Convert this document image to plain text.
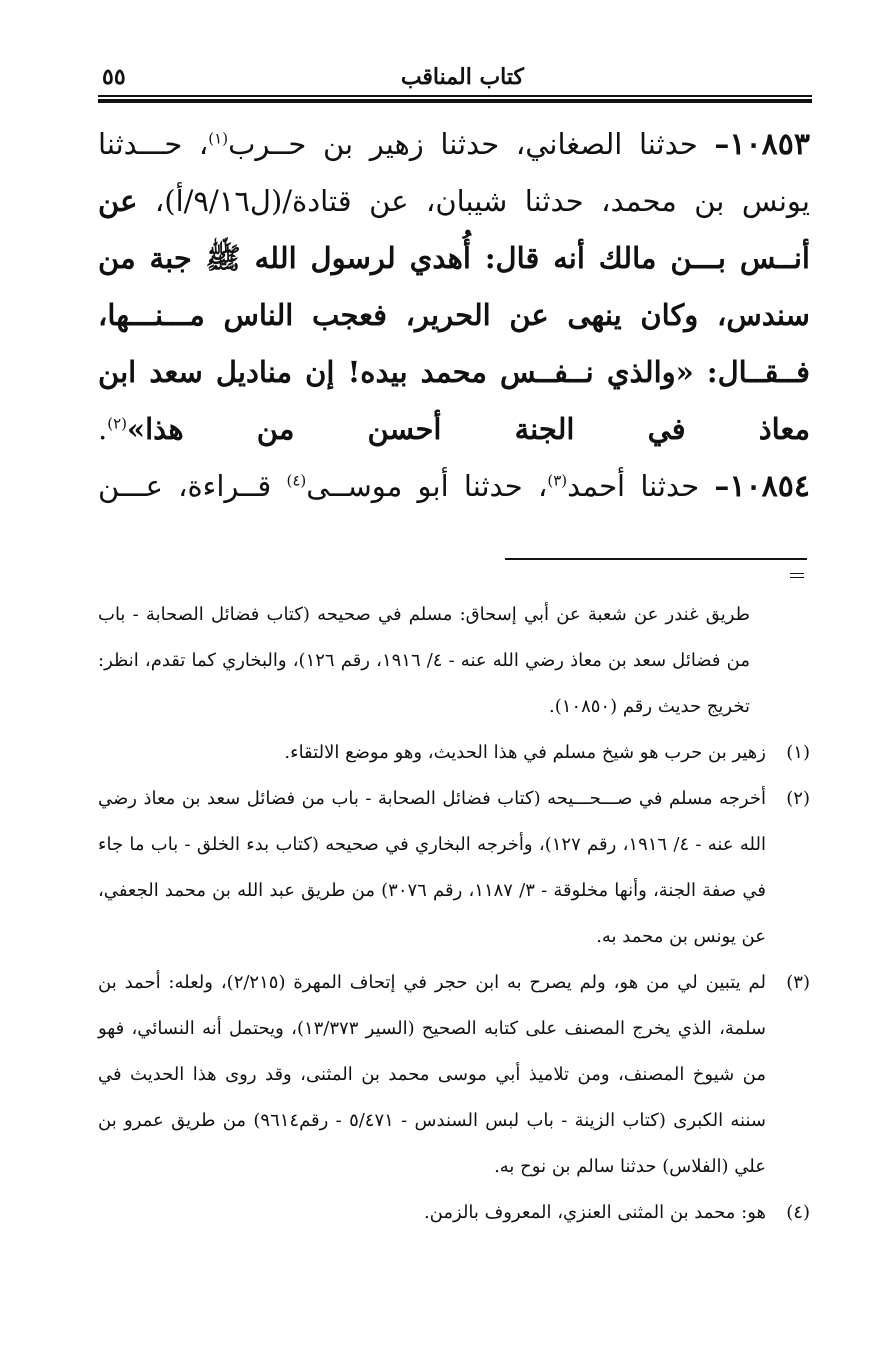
كتاب المناقب
٥٥

١٠٨٥٣– حدثنا الصغاني، حدثنا زهير بن حــرب$^{(١)}$، حـــدثنا يونس بن محمد، حدثنا شيبان، عن قتادة/(ل٩/١٦/أ)، عن أنــس بـــن مالك أنه قال: أُهدي لرسول الله ﷺ جبة من سندس، وكان ينهى عن الحرير، فعجب الناس مـــنـــها، فــقــال: «والذي نــفــس محمد بيده! إن مناديل سعد ابن معاذ في الجنة أحسن من هذا»$^{(٢)}$.

١٠٨٥٤– حدثنا أحمد$^{(٣)}$، حدثنا أبو موســى$^{(٤)}$ قــراءة، عـــن

طريق غندر عن شعبة عن أبي إسحاق: مسلم في صحيحه (كتاب فضائل الصحابة - باب من فضائل سعد بن معاذ رضي الله عنه - ٤/ ١٩١٦، رقم ١٢٦)، والبخاري كما تقدم، انظر: تخريج حديث رقم (١٠٨٥٠).

(١)
زهير بن حرب هو شيخ مسلم في هذا الحديث، وهو موضع الالتقاء.
(٢)
أخرجه مسلم في صـــحـــيحه (كتاب فضائل الصحابة - باب من فضائل سعد بن معاذ رضي الله عنه - ٤/ ١٩١٦، رقم ١٢٧)، وأخرجه البخاري في صحيحه (كتاب بدء الخلق - باب ما جاء في صفة الجنة، وأنها مخلوقة - ٣/ ١١٨٧، رقم ٣٠٧٦) من طريق عبد الله بن محمد الجعفي، عن يونس بن محمد به.
(٣)
لم يتبين لي من هو، ولم يصرح به ابن حجر في إتحاف المهرة (٢/٢١٥)، ولعله: أحمد بن سلمة، الذي يخرج المصنف على كتابه الصحيح (السير ١٣/٣٧٣)، ويحتمل أنه النسائي، فهو من شيوخ المصنف، ومن تلاميذ أبي موسى محمد بن المثنى، وقد روى هذا الحديث في سننه الكبرى (كتاب الزينة - باب لبس السندس - ٥/٤٧١ - رقم٩٦١٤) من طريق عمرو بن علي (الفلاس) حدثنا سالم بن نوح به.
(٤)
هو: محمد بن المثنى العنزي، المعروف بالزمن.
